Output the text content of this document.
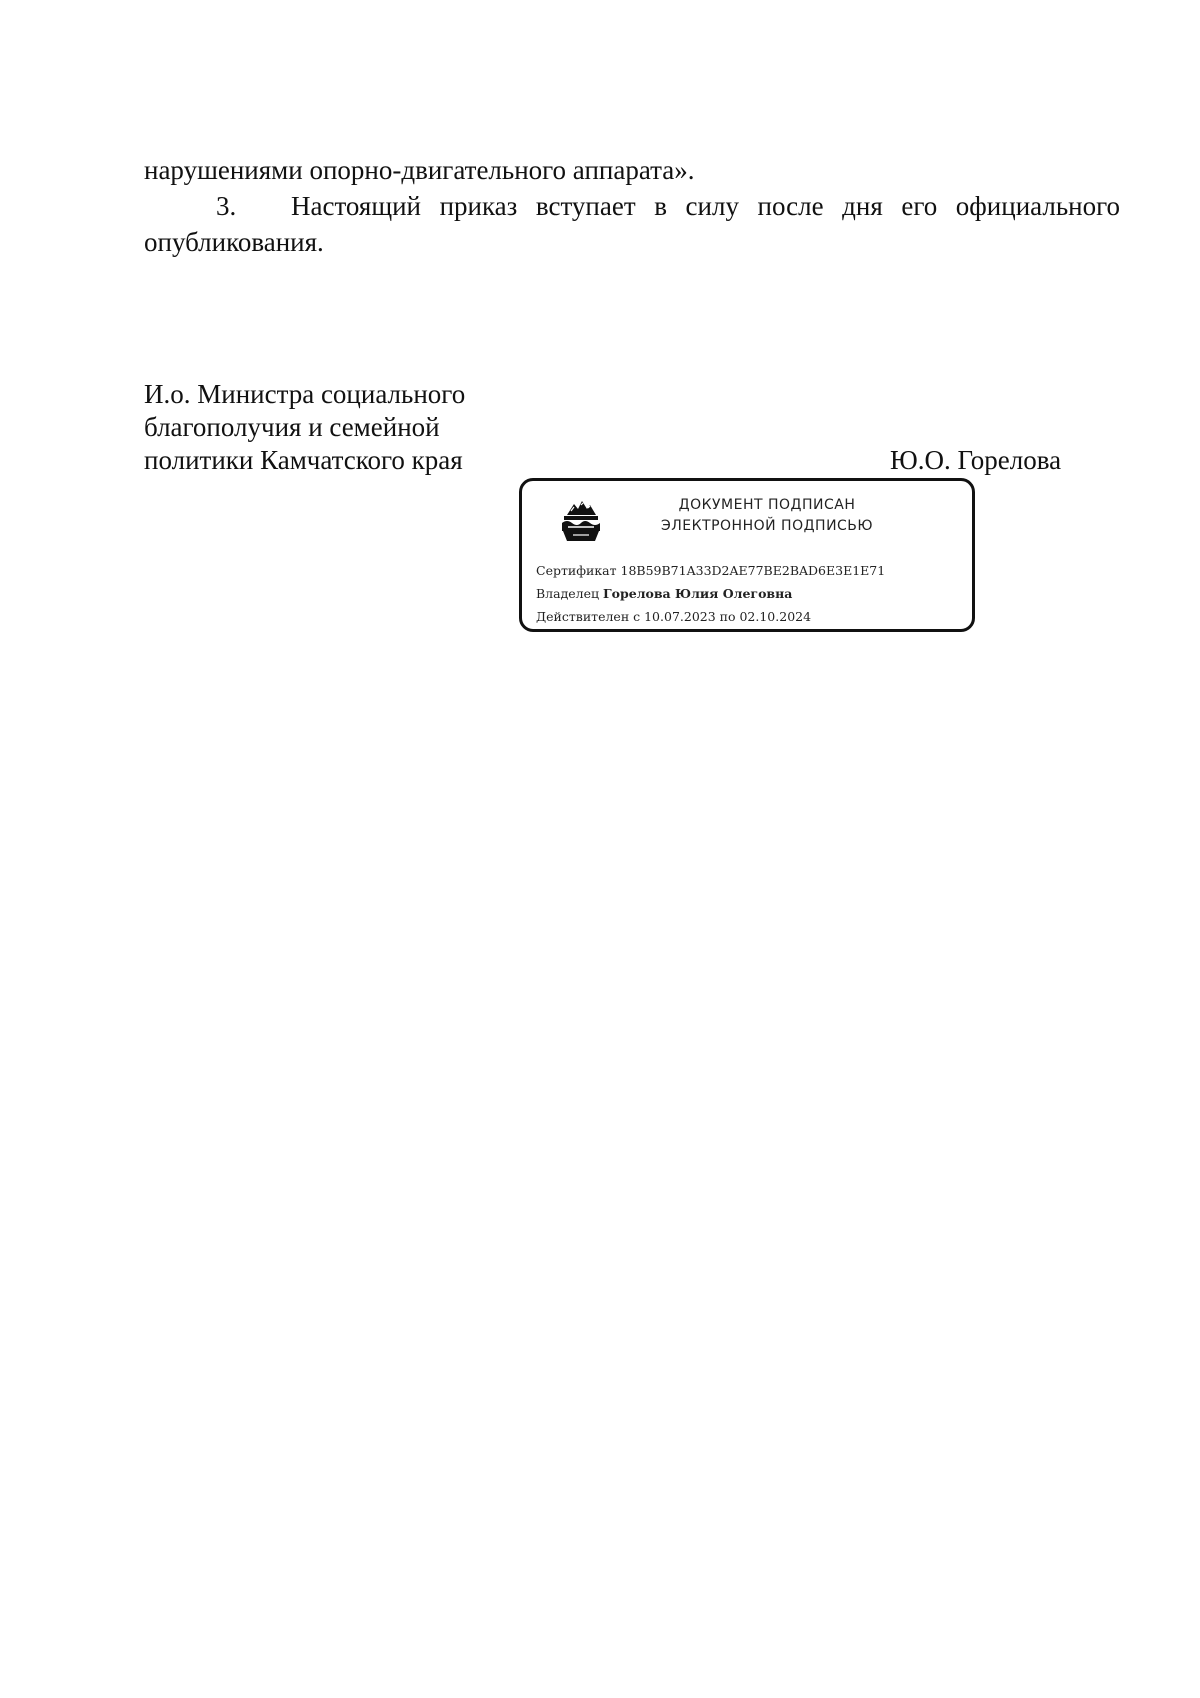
нарушениями опорно-двигательного аппарата».
3. Настоящий приказ вступает в силу после дня его официального опубликования.
И.о. Министра социального
благополучия и семейной
политики Камчатского края	Ю.О. Горелова
ДОКУМЕНТ ПОДПИСАН
ЭЛЕКТРОННОЙ ПОДПИСЬЮ
Сертификат 18B59B71A33D2AE77BE2BAD6E3E1E71
Владелец Горелова Юлия Олеговна
Действителен с 10.07.2023 по 02.10.2024
